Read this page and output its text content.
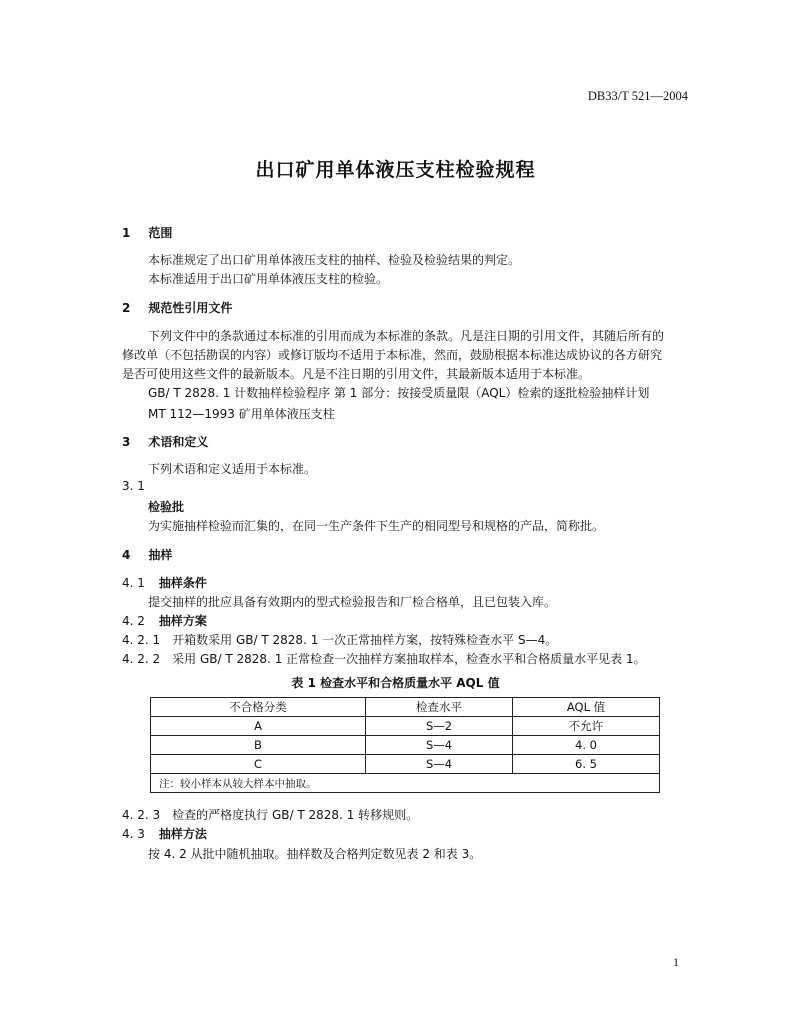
DB33/T 521—2004
出口矿用单体液压支柱检验规程
1 范围
本标准规定了出口矿用单体液压支柱的抽样、检验及检验结果的判定。
本标准适用于出口矿用单体液压支柱的检验。
2 规范性引用文件
下列文件中的条款通过本标准的引用而成为本标准的条款。凡是注日期的引用文件，其随后所有的
修改单（不包括勘误的内容）或修订版均不适用于本标准，然而，鼓励根据本标准达成协议的各方研究
是否可使用这些文件的最新版本。凡是不注日期的引用文件，其最新版本适用于本标准。
GB/ T 2828. 1 计数抽样检验程序 第 1 部分：按接受质量限（AQL）检索的逐批检验抽样计划
MT 112—1993 矿用单体液压支柱
3 术语和定义
下列术语和定义适用于本标准。
3. 1
检验批
为实施抽样检验而汇集的，在同一生产条件下生产的相同型号和规格的产品，简称批。
4 抽样
4. 1 抽样条件
提交抽样的批应具备有效期内的型式检验报告和厂检合格单，且已包装入库。
4. 2 抽样方案
4. 2. 1 开箱数采用 GB/ T 2828. 1 一次正常抽样方案，按特殊检查水平 S—4。
4. 2. 2 采用 GB/ T 2828. 1 正常检查一次抽样方案抽取样本，检查水平和合格质量水平见表 1。
表 1 检查水平和合格质量水平 AQL 值
不合格分类	检查水平	AQL 值
A	S—2	不允许
B	S—4	4. 0
C	S—4	6. 5
注：较小样本从较大样本中抽取。		
4. 2. 3 检查的严格度执行 GB/ T 2828. 1 转移规则。
4. 3 抽样方法
按 4. 2 从批中随机抽取。抽样数及合格判定数见表 2 和表 3。
1
